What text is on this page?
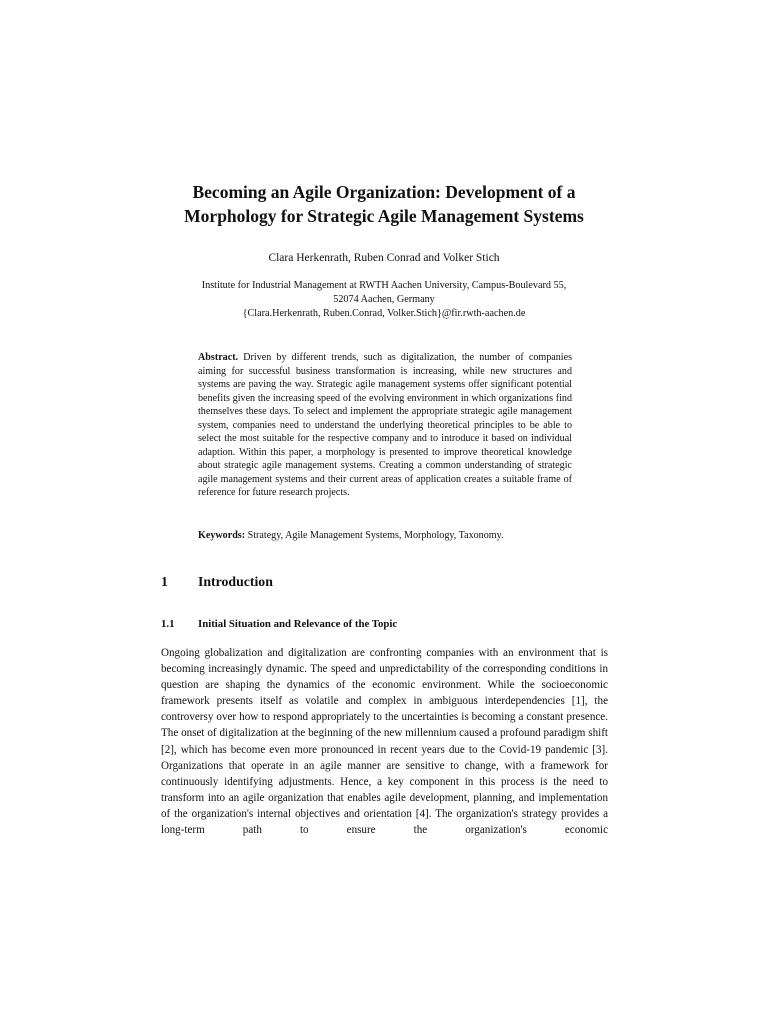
Becoming an Agile Organization: Development of a
Morphology for Strategic Agile Management Systems
Clara Herkenrath, Ruben Conrad and Volker Stich
Institute for Industrial Management at RWTH Aachen University, Campus-Boulevard 55,
52074 Aachen, Germany
{Clara.Herkenrath, Ruben.Conrad, Volker.Stich}@fir.rwth-aachen.de
Abstract. Driven by different trends, such as digitalization, the number of companies aiming for successful business transformation is increasing, while new structures and systems are paving the way. Strategic agile management systems offer significant potential benefits given the increasing speed of the evolving environment in which organizations find themselves these days. To select and implement the appropriate strategic agile management system, companies need to understand the underlying theoretical principles to be able to select the most suitable for the respective company and to introduce it based on individual adaption. Within this paper, a morphology is presented to improve theoretical knowledge about strategic agile management systems. Creating a common understanding of strategic agile management systems and their current areas of application creates a suitable frame of reference for future research projects.
Keywords: Strategy, Agile Management Systems, Morphology, Taxonomy.
1 Introduction
1.1 Initial Situation and Relevance of the Topic

Ongoing globalization and digitalization are confronting companies with an environment that is becoming increasingly dynamic. The speed and unpredictability of the corresponding conditions in question are shaping the dynamics of the economic environment. While the socioeconomic framework presents itself as volatile and complex in ambiguous interdependencies [1], the controversy over how to respond appropriately to the uncertainties is becoming a constant presence. The onset of digitalization at the beginning of the new millennium caused a profound paradigm shift [2], which has become even more pronounced in recent years due to the Covid-19 pandemic [3]. Organizations that operate in an agile manner are sensitive to change, with a framework for continuously identifying adjustments. Hence, a key component in this process is the need to transform into an agile organization that enables agile development, planning, and implementation of the organization's internal objectives and orientation [4]. The organization's strategy provides a long-term path to ensure the organization's economic
